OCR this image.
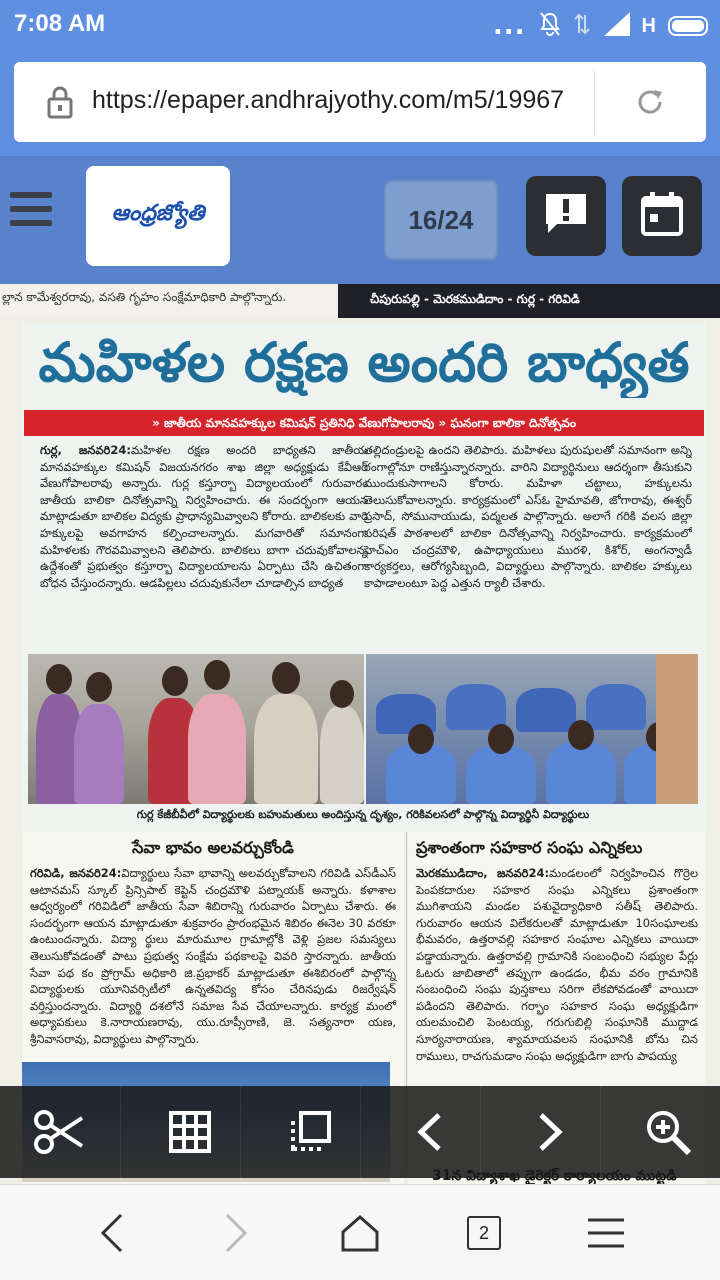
7:08 AM	...	H
https://epaper.andhrajyothy.com/m5/19967
ఆంధ్రజ్యోతి	16/24
ల్లాన కామేశ్వరరావు, వసతి గృహం సంక్షేమాధికారి పాల్గొన్నారు.	చీపురుపల్లి - మెరకముడిదాం - గుర్ల - గరివిడి
మహిళల రక్షణ అందరి బాధ్యత
» జాతీయ మానవహక్కుల కమిషన్ ప్రతినిధి వేణుగోపాలరావు » ఘనంగా బాలికా దినోత్సవం
గుర్ల, జనవరి24:మహిళల రక్షణ అందరి బాధ్యతని జాతీయ మానవహక్కుల కమిషన్ విజయనగరం శాఖ జిల్లా అధ్యక్షుడు కేవీఆర్ వేణుగోపాలరావు అన్నారు. గుర్ల కస్తూర్బా విద్యాలయంలో గురువారం జాతీయ బాలికా దినోత్సవాన్ని నిర్వహించారు. ఈ సందర్భంగా ఆయన మాట్లాడుతూ బాలికల విద్యకు ప్రాధాన్యమివ్వాలని కోరారు. బాలికలకు వారి హక్కులపై అవగాహన కల్పించాలన్నారు. మగవారితో సమానంగా మహిళలకు గౌరవమివ్వాలని తెలిపారు. బాలికలు బాగా చదువుకోవాలన్న ఉద్దేశంతో ప్రభుత్వం కస్తూర్బా విద్యాలయాలను ఏర్పాటు చేసి ఉచితంగా బోధన చేస్తుందన్నారు. ఆడపిల్లలు చదువుకునేలా చూడాల్సిన బాధ్యత
తల్లిదండ్రులపై ఉందని తెలిపారు. మహిళలు పురుషులతో సమానంగా అన్ని రంగాల్లోనూ రాణిస్తున్నారన్నారు. వారిని విద్యార్థినులు ఆదర్శంగా తీసుకుని ముందుకుసాగాలని కోరారు. మహిళా చట్టాలు, హక్కులను తెలుసుకోవాలన్నారు. కార్యక్రమంలో ఎస్ఓ హైమావతి, జోగారావు, ఈశ్వర్ ప్రసాద్, సోమునాయుడు, పద్మలత పాల్గొన్నారు. అలాగే గరికి వలస జిల్లా పరిషత్ పాఠశాలలో బాలికా దినోత్సవాన్ని నిర్వహించారు. కార్యక్రమంలో హెచ్ఎం చంద్రమౌళి, ఉపాధ్యాయులు మురళి, కిశోర్, అంగన్వాడీ కార్యకర్తలు, ఆరోగ్యసిబ్బంది, విద్యార్థులు పాల్గొన్నారు. బాలికల హక్కులు కాపాడాలంటూ పెద్ద ఎత్తున ర్యాలీ చేశారు.
గుర్ల కేజీబీవీలో విద్యార్థులకు బహుమతులు అందిస్తున్న దృశ్యం, గరికివలసలో పాల్గొన్న విద్యార్థినీ విద్యార్థులు
సేవా భావం అలవర్చుకోండి
గరివిడి, జనవరి24:విద్యార్థులు సేవా భావాన్ని అలవర్చుకోవాలని గరివిడి ఎస్‌డీఎస్ ఆటానమస్ స్కూల్ ప్రిన్సిపాల్ కెప్టెన్ చంద్రమౌళి పట్నాయక్ అన్నారు. కళాశాల ఆధ్వర్యంలో గరివిడిలో జాతీయ సేవా శిబిరాన్ని గురువారం ఏర్పాటు చేశారు. ఈ సందర్భంగా ఆయన మాట్లాడుతూ శుక్రవారం ప్రారంభమైన శిబిరం ఈనెల 30 వరకూ ఉంటుందన్నారు. విద్యా ర్థులు మారుమూల గ్రామాల్లోకి వెళ్లి ప్రజల సమస్యలు తెలుసుకోవడంతో పాటు ప్రభుత్వ సంక్షేమ పథకాలపై వివరి స్తారన్నారు. జాతీయ సేవా పథ కం ప్రోగ్రామ్ అధికారి జి.ప్రభాకర్ మాట్లాడుతూ ఈశిబిరంలో పాల్గొన్న విద్యార్థులకు యూనివర్సిటీలో ఉన్నతవిద్య కోసం చేరినపుడు రిజర్వేషన్ వర్తిస్తుందన్నారు. విద్యార్థి దశలోనే సమాజ సేవ చేయాలన్నారు. కార్యక్ర మంలో అధ్యాపకులు కె.నారాయణరావు, యు.రూప్సీరాణి, జె. సత్యనారా యణ, శ్రీనివాసరావు, విద్యార్థులు పాల్గొన్నారు.
ప్రశాంతంగా సహకార సంఘ ఎన్నికలు
మెరకముడిదాం, జనవరి24:మండలంలో నిర్వహించిన గొర్రెల పెంపకదారుల సహకార సంఘ ఎన్నికలు ప్రశాంతంగా ముగిశాయని మండల పశువైద్యాధికారి సతీష్ తెలిపారు. గురువారం ఆయన విలేకరులతో మాట్లాడుతూ 10సంఘాలకు భీమవరం, ఉత్తరావల్లి సహకార సంఘాల ఎన్నికలు వాయిదా పడ్డాయన్నారు. ఉత్తరావల్లి గ్రామానికి సంబంధించి సభ్యుల పేర్లు ఓటరు జాబితాలో తప్పుగా ఉండడం, భీమ వరం గ్రామానికి సంబంధించి సంఘ పుస్తకాలు సరిగా లేకపోవడంతో వాయిదా పడిందని తెలిపారు. గర్భాం సహకార సంఘ అధ్యక్షుడిగా యలమంచిలి పెంటయ్య, గరుగుబిల్లి సంఘానికి ముద్దాడ సూర్యనారాయణ, శ్యామాయవలస సంఘానికి బోను చిన రాములు, రాచగుమడాం సంఘ అధ్యక్షుడిగా బాగు పాపయ్య
2
